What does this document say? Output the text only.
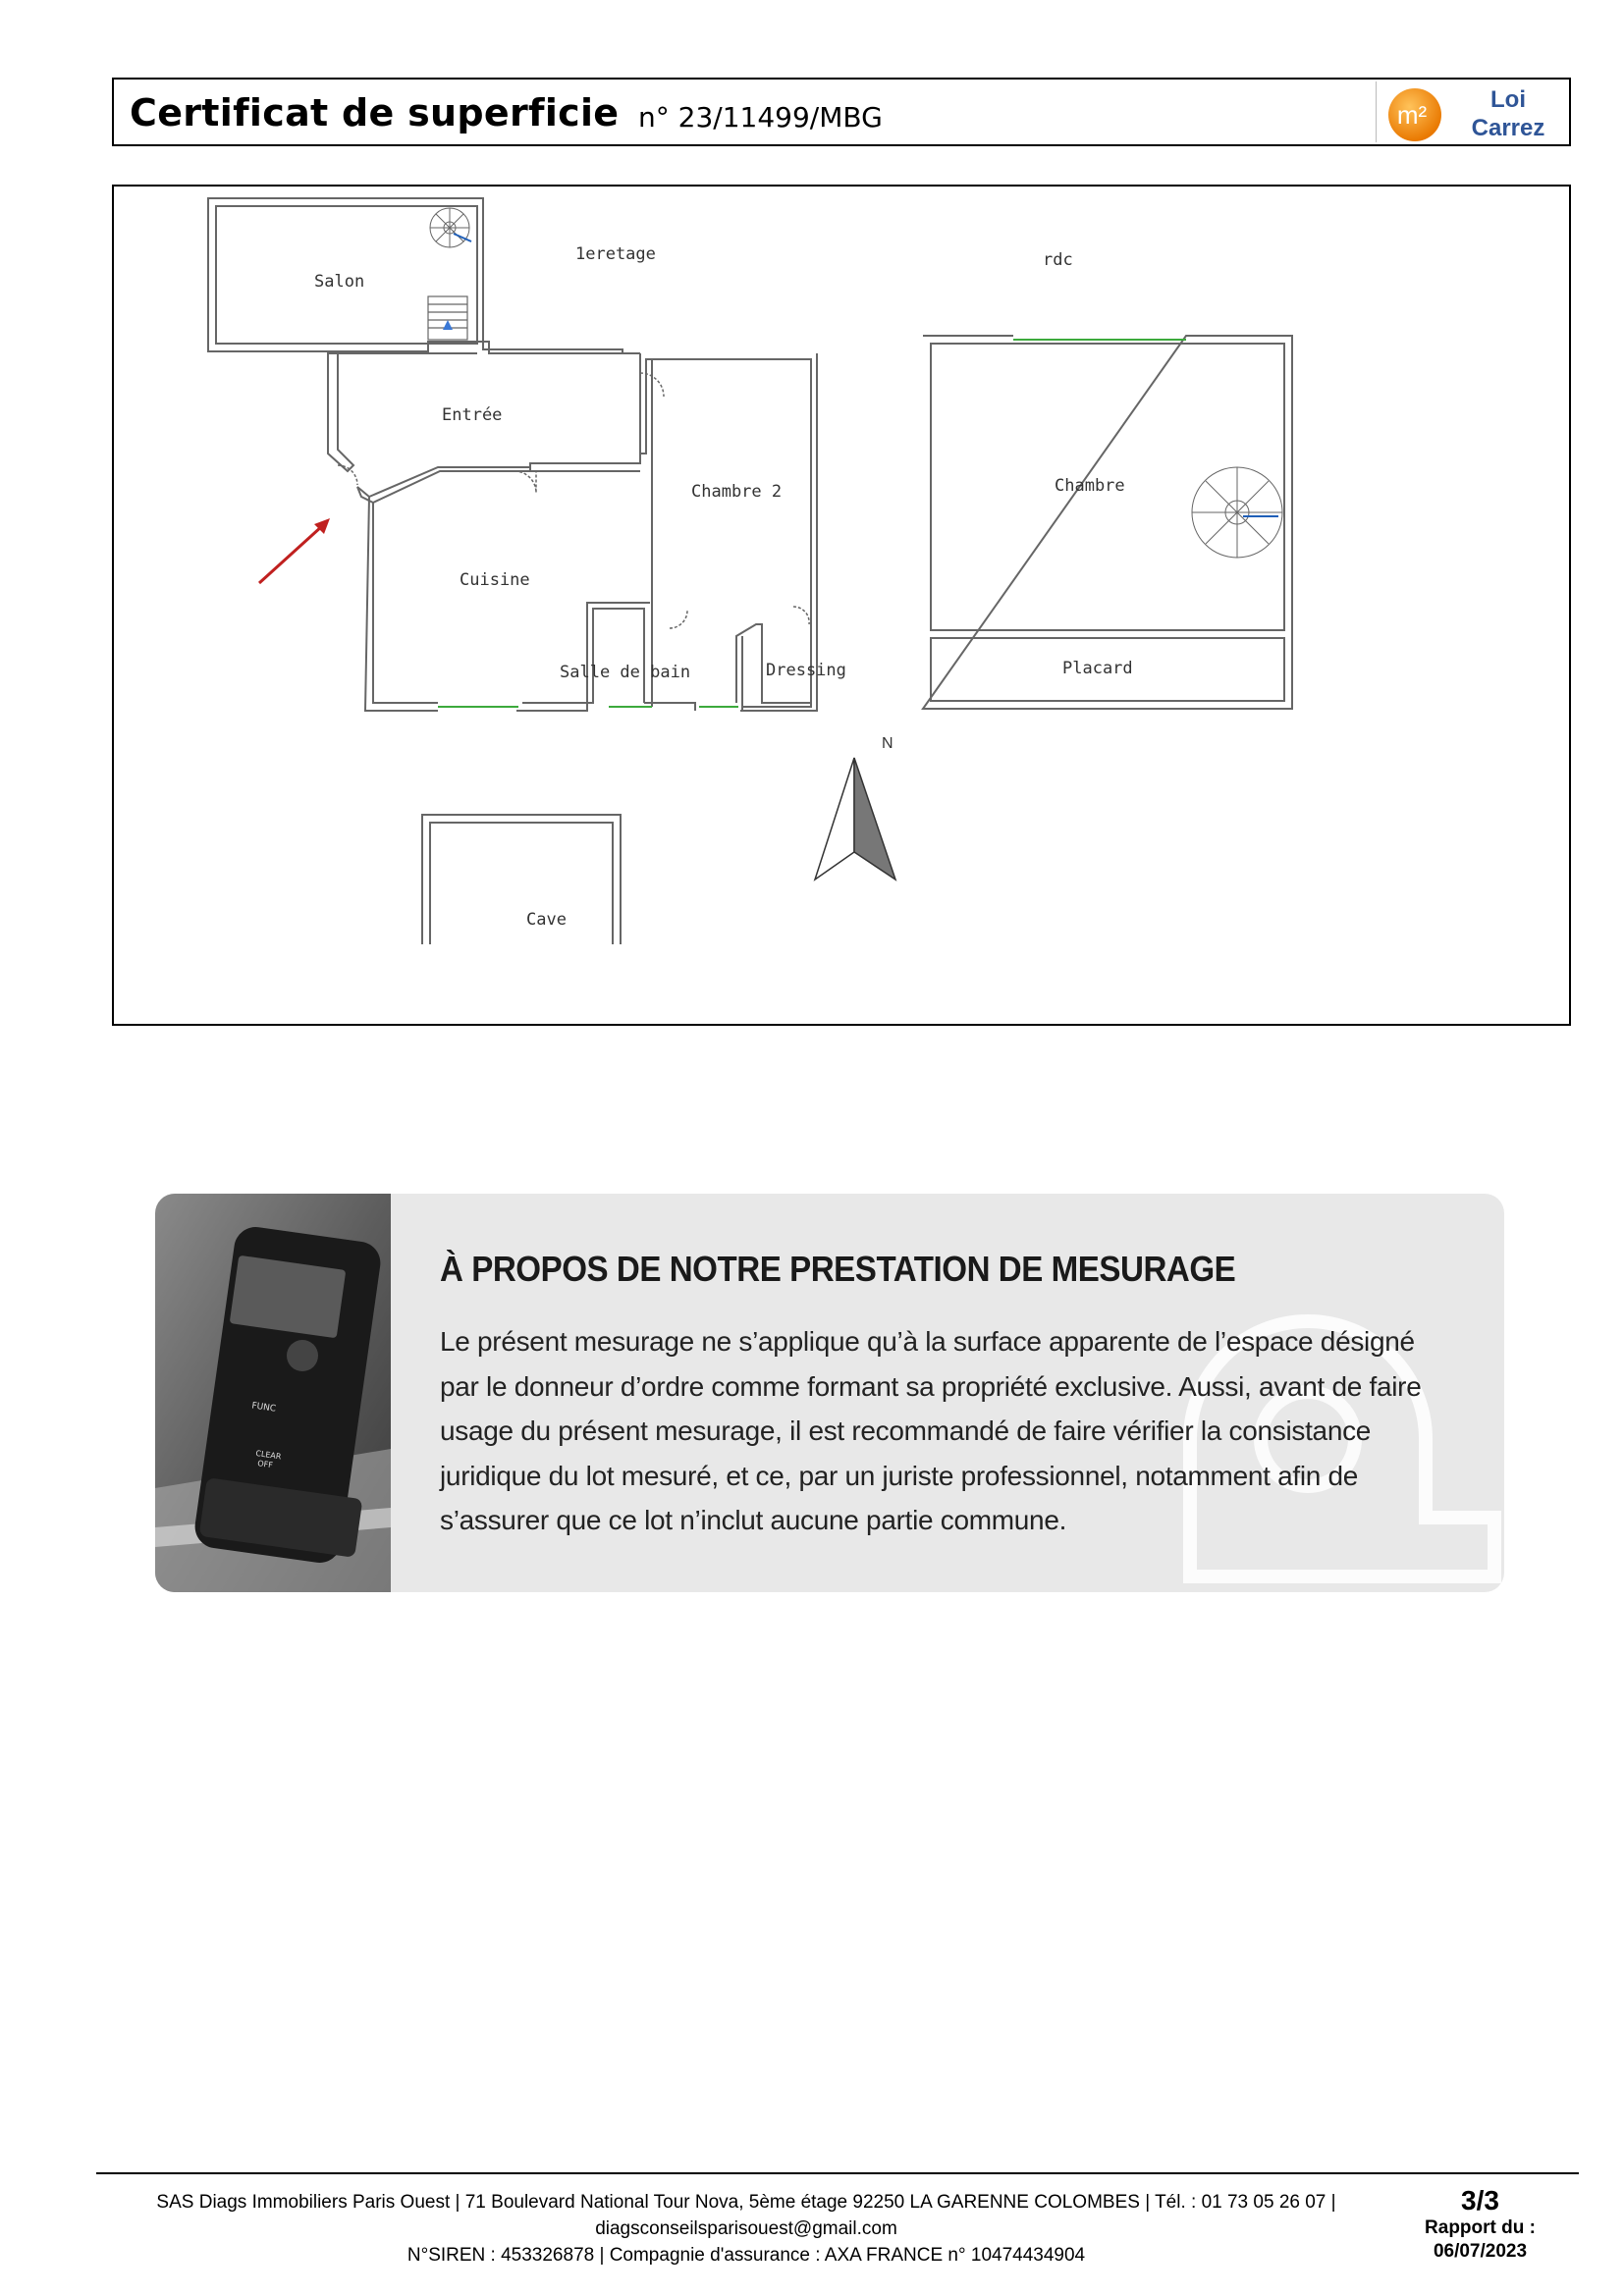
Certificat de superficie n° 23/11499/MBG	m²
Loi
Carrez
Salon
1eretage	rdc
Entrée
Chambre 2	Chambre
Cuisine
Salle de bain	Dressing	Placard
N
Cave
FUNC
CLEAR
OFF
À PROPOS DE NOTRE PRESTATION DE MESURAGE
Le présent mesurage ne s’applique qu’à la surface apparente de l’espace désigné
par le donneur d’ordre comme formant sa propriété exclusive. Aussi, avant de faire
usage du présent mesurage, il est recommandé de faire vérifier la consistance
juridique du lot mesuré, et ce, par un juriste professionnel, notamment afin de
s’assurer que ce lot n’inclut aucune partie commune.
SAS Diags Immobiliers Paris Ouest | 71 Boulevard National Tour Nova, 5ème étage 92250 LA GARENNE COLOMBES | Tél. : 01 73 05 26 07 |
diagsconseilsparisouest@gmail.com
N°SIREN : 453326878 | Compagnie d'assurance : AXA FRANCE n° 10474434904
3/3
Rapport du :
06/07/2023
